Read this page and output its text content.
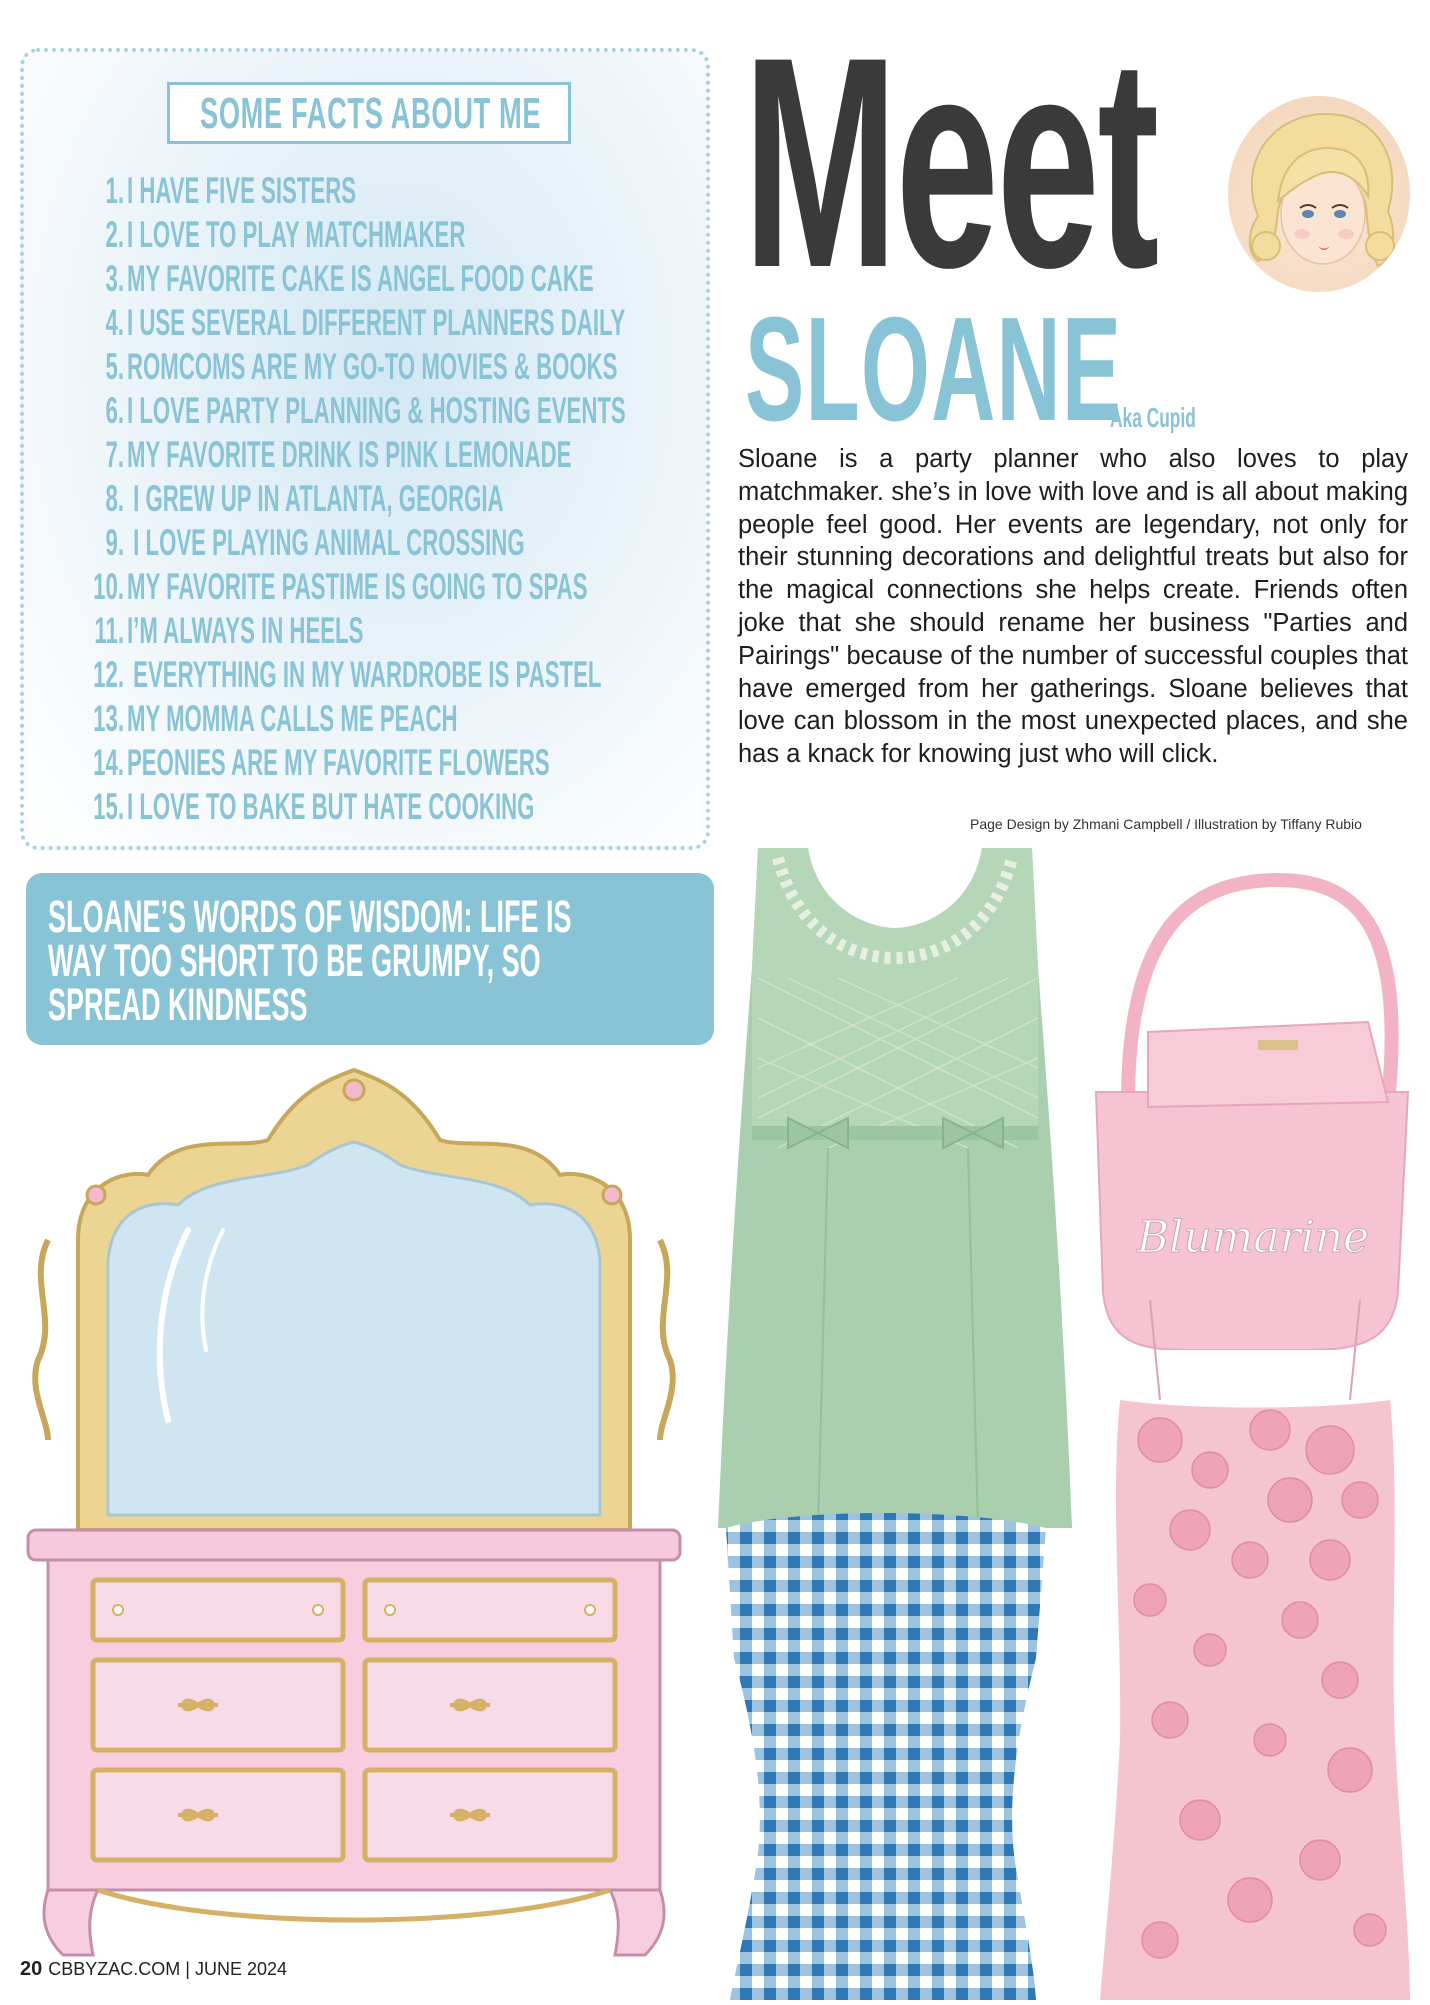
SOME FACTS ABOUT ME
1. I HAVE FIVE SISTERS
2. I LOVE TO PLAY MATCHMAKER
3. MY FAVORITE CAKE IS ANGEL FOOD CAKE
4. I USE SEVERAL DIFFERENT PLANNERS DAILY
5. ROMCOMS ARE MY GO-TO MOVIES & BOOKS
6. I LOVE PARTY PLANNING & HOSTING EVENTS
7. MY FAVORITE DRINK IS PINK LEMONADE
8. I GREW UP IN ATLANTA, GEORGIA
9. I LOVE PLAYING ANIMAL CROSSING
10. MY FAVORITE PASTIME IS GOING TO SPAS
11. I’M ALWAYS IN HEELS
12. EVERYTHING IN MY WARDROBE IS PASTEL
13. MY MOMMA CALLS ME PEACH
14. PEONIES ARE MY FAVORITE FLOWERS
15. I LOVE TO BAKE BUT HATE COOKING
Meet
SLOANE
Aka Cupid
Sloane is a party planner who also loves to play matchmaker. she’s in love with love and is all about making people feel good. Her events are legendary, not only for their stunning decorations and delightful treats but also for the magical connections she helps create. Friends often joke that she should rename her business "Parties and Pairings" because of the number of successful couples that have emerged from her gatherings. Sloane believes that love can blossom in the most unexpected places, and she has a knack for knowing just who will click.
Page Design by Zhmani Campbell / Illustration by Tiffany Rubio
SLOANE’S WORDS OF WISDOM: LIFE IS WAY TOO SHORT TO BE GRUMPY, SO SPREAD KINDNESS
Blumarine
20 CBBYZAC.COM | JUNE 2024
